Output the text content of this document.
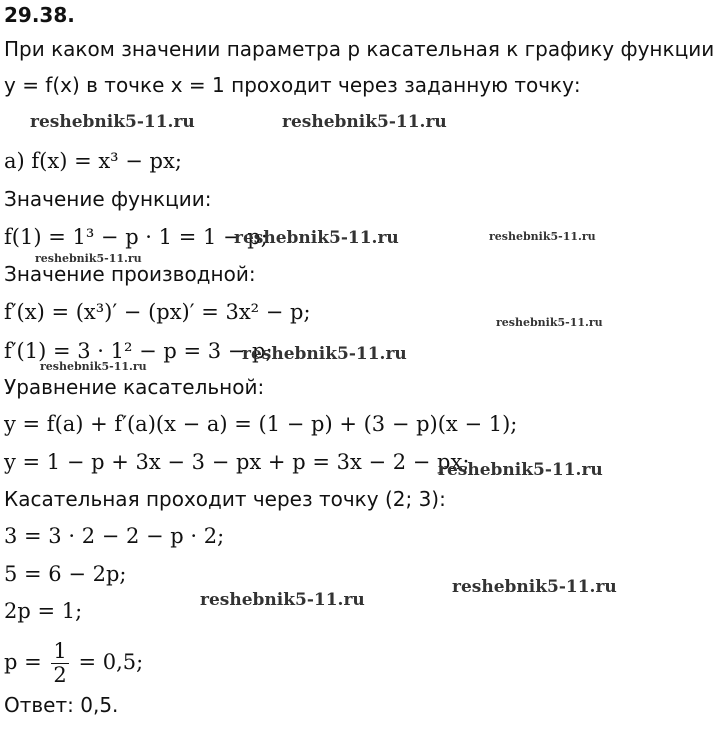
29.38.
При каком значении параметра p касательная к графику функции
y = f(x) в точке x = 1 проходит через заданную точку:
а) f(x) = x³ − px;
Значение функции:
f(1) = 1³ − p · 1 = 1 − p;
Значение производной:
f′(x) = (x³)′ − (px)′ = 3x² − p;
f′(1) = 3 · 1² − p = 3 − p;
Уравнение касательной:
y = f(a) + f′(a)(x − a) = (1 − p) + (3 − p)(x − 1);
y = 1 − p + 3x − 3 − px + p = 3x − 2 − px;
Касательная проходит через точку (2; 3):
3 = 3 · 2 − 2 − p · 2;
5 = 6 − 2p;
2p = 1;
$p = \frac{1}{2} = 0,5$;
Ответ: 0,5.
reshebnik5-11.ru	reshebnik5-11.ru
reshebnik5-11.ru	reshebnik5-11.ru
reshebnik5-11.ru
reshebnik5-11.ru
reshebnik5-11.ru
reshebnik5-11.ru
reshebnik5-11.ru
reshebnik5-11.ru
reshebnik5-11.ru
